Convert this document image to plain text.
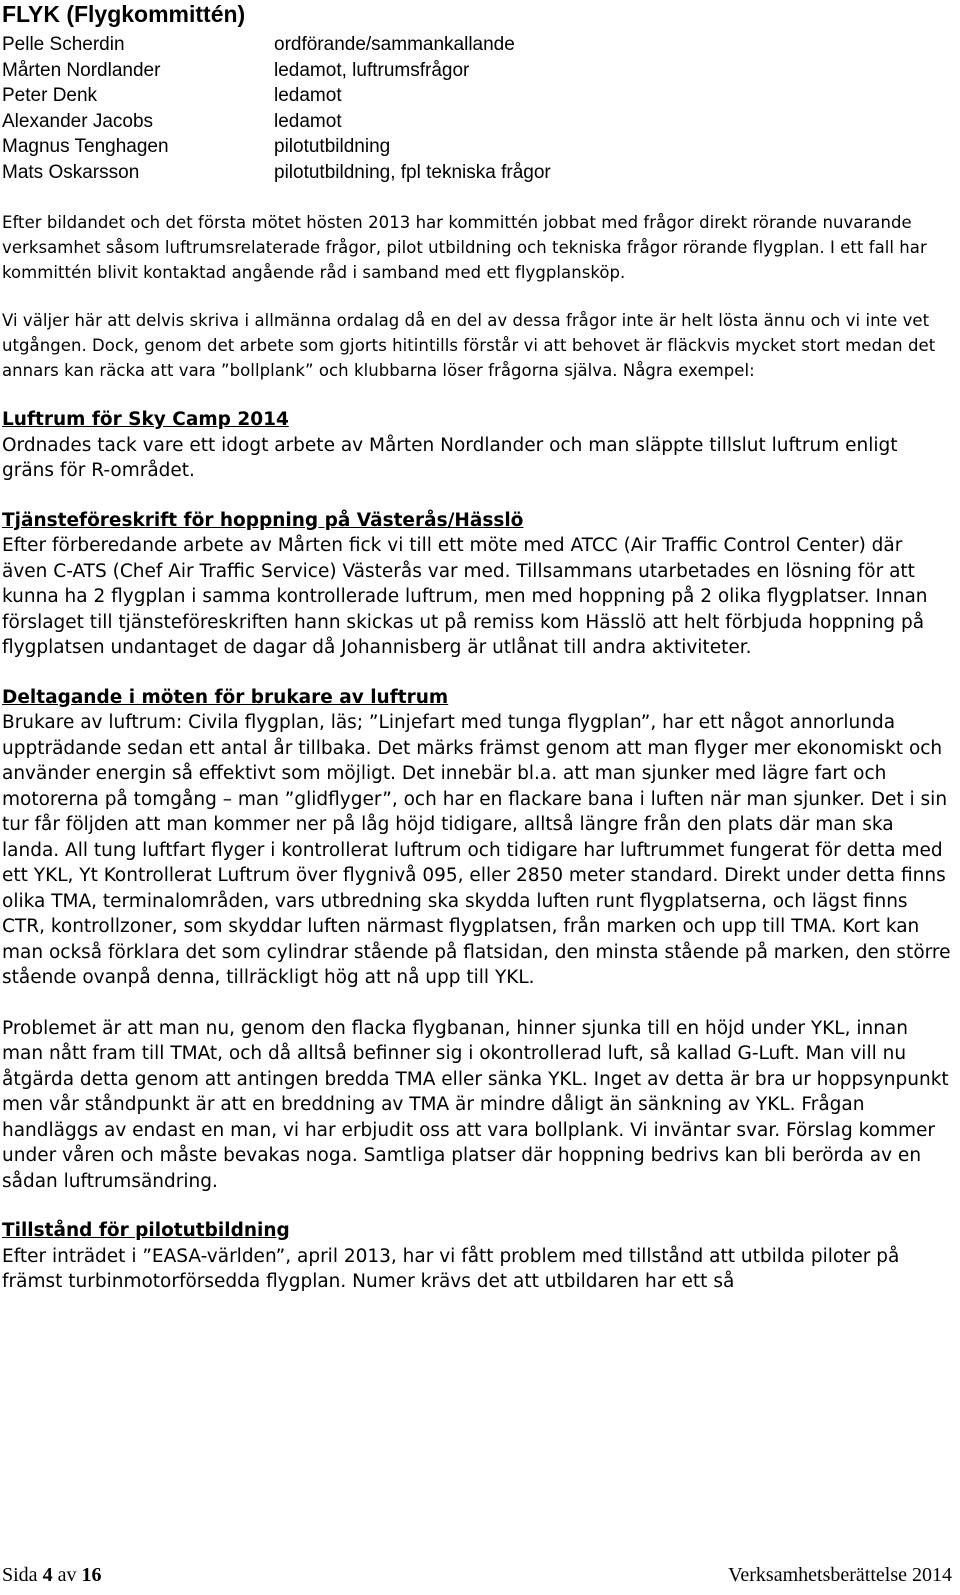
FLYK (Flygkommittén)
Pelle Scherdin	ordförande/sammankallande
Mårten Nordlander	ledamot, luftrumsfrågor
Peter Denk	ledamot
Alexander Jacobs	ledamot
Magnus Tenghagen	pilotutbildning
Mats Oskarsson	pilotutbildning, fpl tekniska frågor

Efter bildandet och det första mötet hösten 2013 har kommittén jobbat med frågor direkt rörande nuvarande verksamhet såsom luftrumsrelaterade frågor, pilot utbildning och tekniska frågor rörande flygplan. I ett fall har kommittén blivit kontaktad angående råd i samband med ett flygplansköp.

Vi väljer här att delvis skriva i allmänna ordalag då en del av dessa frågor inte är helt lösta ännu och vi inte vet utgången. Dock, genom det arbete som gjorts hitintills förstår vi att behovet är fläckvis mycket stort medan det annars kan räcka att vara ”bollplank” och klubbarna löser frågorna själva. Några exempel:

Luftrum för Sky Camp 2014

Ordnades tack vare ett idogt arbete av Mårten Nordlander och man släppte tillslut luftrum enligt gräns för R-området.

Tjänsteföreskrift för hoppning på Västerås/Hässlö

Efter förberedande arbete av Mårten fick vi till ett möte med ATCC (Air Traffic Control Center) där även C-ATS (Chef Air Traffic Service) Västerås var med. Tillsammans utarbetades en lösning för att kunna ha 2 flygplan i samma kontrollerade luftrum, men med hoppning på 2 olika flygplatser. Innan förslaget till tjänsteföreskriften hann skickas ut på remiss kom Hässlö att helt förbjuda hoppning på flygplatsen undantaget de dagar då Johannisberg är utlånat till andra aktiviteter.

Deltagande i möten för brukare av luftrum

Brukare av luftrum: Civila flygplan, läs; ”Linjefart med tunga flygplan”, har ett något annorlunda uppträdande sedan ett antal år tillbaka. Det märks främst genom att man flyger mer ekonomiskt och använder energin så effektivt som möjligt. Det innebär bl.a. att man sjunker med lägre fart och motorerna på tomgång – man ”glidflyger”, och har en flackare bana i luften när man sjunker. Det i sin tur får följden att man kommer ner på låg höjd tidigare, alltså längre från den plats där man ska landa. All tung luftfart flyger i kontrollerat luftrum och tidigare har luftrummet fungerat för detta med ett YKL, Yt Kontrollerat Luftrum över flygnivå 095, eller 2850 meter standard. Direkt under detta finns olika TMA, terminalområden, vars utbredning ska skydda luften runt flygplatserna, och lägst finns CTR, kontrollzoner, som skyddar luften närmast flygplatsen, från marken och upp till TMA. Kort kan man också förklara det som cylindrar stående på flatsidan, den minsta stående på marken, den större stående ovanpå denna, tillräckligt hög att nå upp till YKL.

Problemet är att man nu, genom den flacka flygbanan, hinner sjunka till en höjd under YKL, innan man nått fram till TMAt, och då alltså befinner sig i okontrollerad luft, så kallad G-Luft. Man vill nu åtgärda detta genom att antingen bredda TMA eller sänka YKL. Inget av detta är bra ur hoppsynpunkt men vår ståndpunkt är att en breddning av TMA är mindre dåligt än sänkning av YKL. Frågan handläggs av endast en man, vi har erbjudit oss att vara bollplank. Vi inväntar svar. Förslag kommer under våren och måste bevakas noga. Samtliga platser där hoppning bedrivs kan bli berörda av en sådan luftrumsändring.

Tillstånd för pilotutbildning

Efter inträdet i ”EASA-världen”, april 2013, har vi fått problem med tillstånd att utbilda piloter på främst turbinmotorförsedda flygplan. Numer krävs det att utbildaren har ett så

Sida 4 av 16	Verksamhetsberättelse 2014
